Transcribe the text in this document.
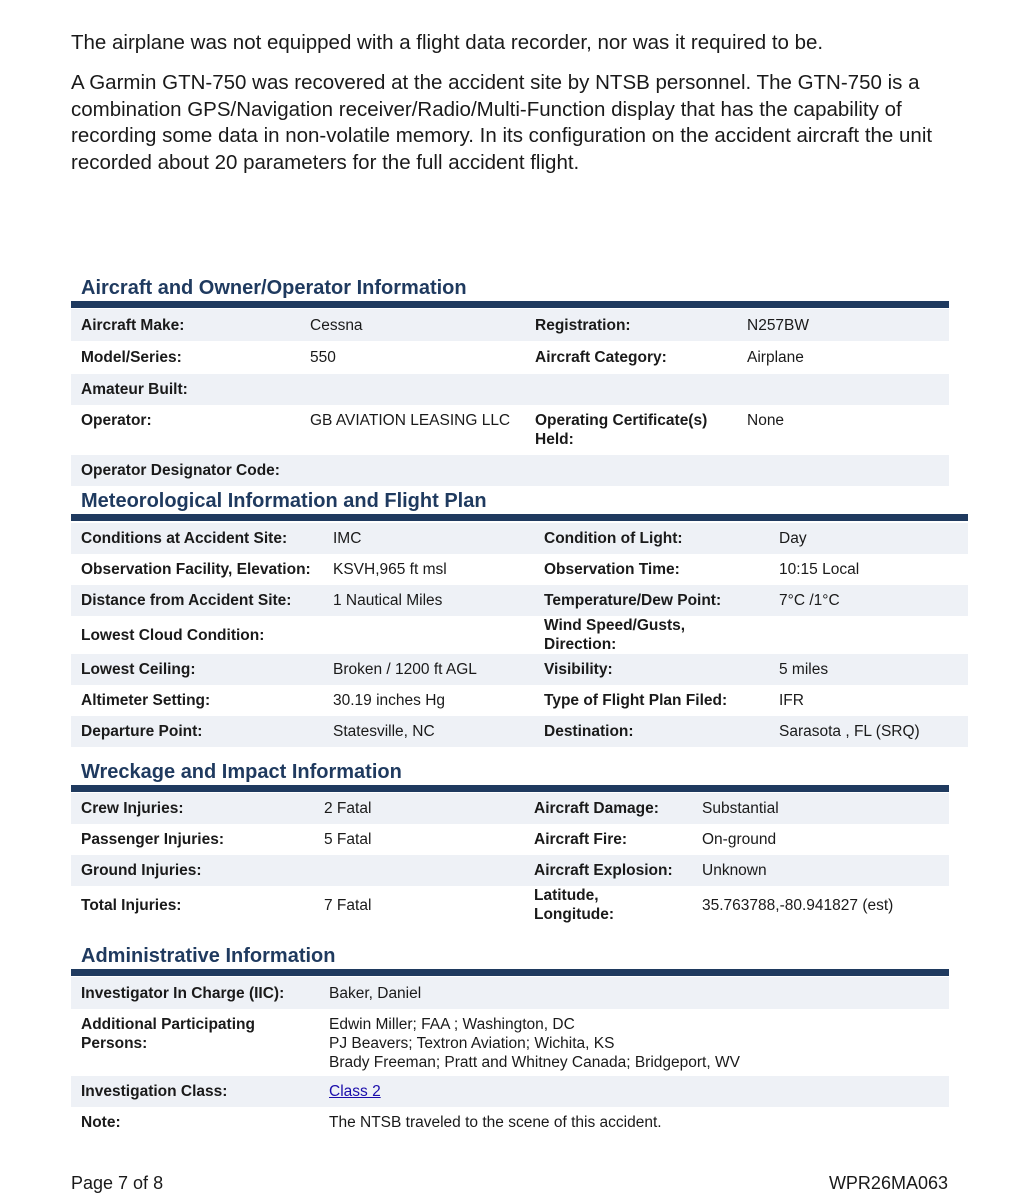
The airplane was not equipped with a flight data recorder, nor was it required to be.

A Garmin GTN-750 was recovered at the accident site by NTSB personnel. The GTN-750 is a combination GPS/Navigation receiver/Radio/Multi-Function display that has the capability of recording some data in non-volatile memory. In its configuration on the accident aircraft the unit recorded about 20 parameters for the full accident flight.

Aircraft and Owner/Operator Information
Aircraft Make:	Cessna	Registration:	N257BW
Model/Series:	550	Aircraft Category:	Airplane
Amateur Built:			
Operator:	GB AVIATION LEASING LLC	Operating Certificate(s) Held:	None
Operator Designator Code:			
Meteorological Information and Flight Plan
Conditions at Accident Site:	IMC	Condition of Light:	Day
Observation Facility, Elevation:	KSVH,965 ft msl	Observation Time:	10:15 Local
Distance from Accident Site:	1 Nautical Miles	Temperature/Dew Point:	7°C /1°C
Lowest Cloud Condition:		Wind Speed/Gusts, Direction:	
Lowest Ceiling:	Broken / 1200 ft AGL	Visibility:	5 miles
Altimeter Setting:	30.19 inches Hg	Type of Flight Plan Filed:	IFR
Departure Point:	Statesville, NC	Destination:	Sarasota , FL (SRQ)
Wreckage and Impact Information
Crew Injuries:	2 Fatal	Aircraft Damage:	Substantial
Passenger Injuries:	5 Fatal	Aircraft Fire:	On-ground
Ground Injuries:		Aircraft Explosion:	Unknown
Total Injuries:	7 Fatal	Latitude, Longitude:	35.763788,-80.941827 (est)
Administrative Information
Investigator In Charge (IIC):	Baker, Daniel
Additional Participating Persons:	Edwin Miller; FAA ; Washington, DC
PJ Beavers; Textron Aviation; Wichita, KS
Brady Freeman; Pratt and Whitney Canada; Bridgeport, WV

Investigation Class:	Class 2
Note:	The NTSB traveled to the scene of this accident.

Page 7 of 8	WPR26MA063
